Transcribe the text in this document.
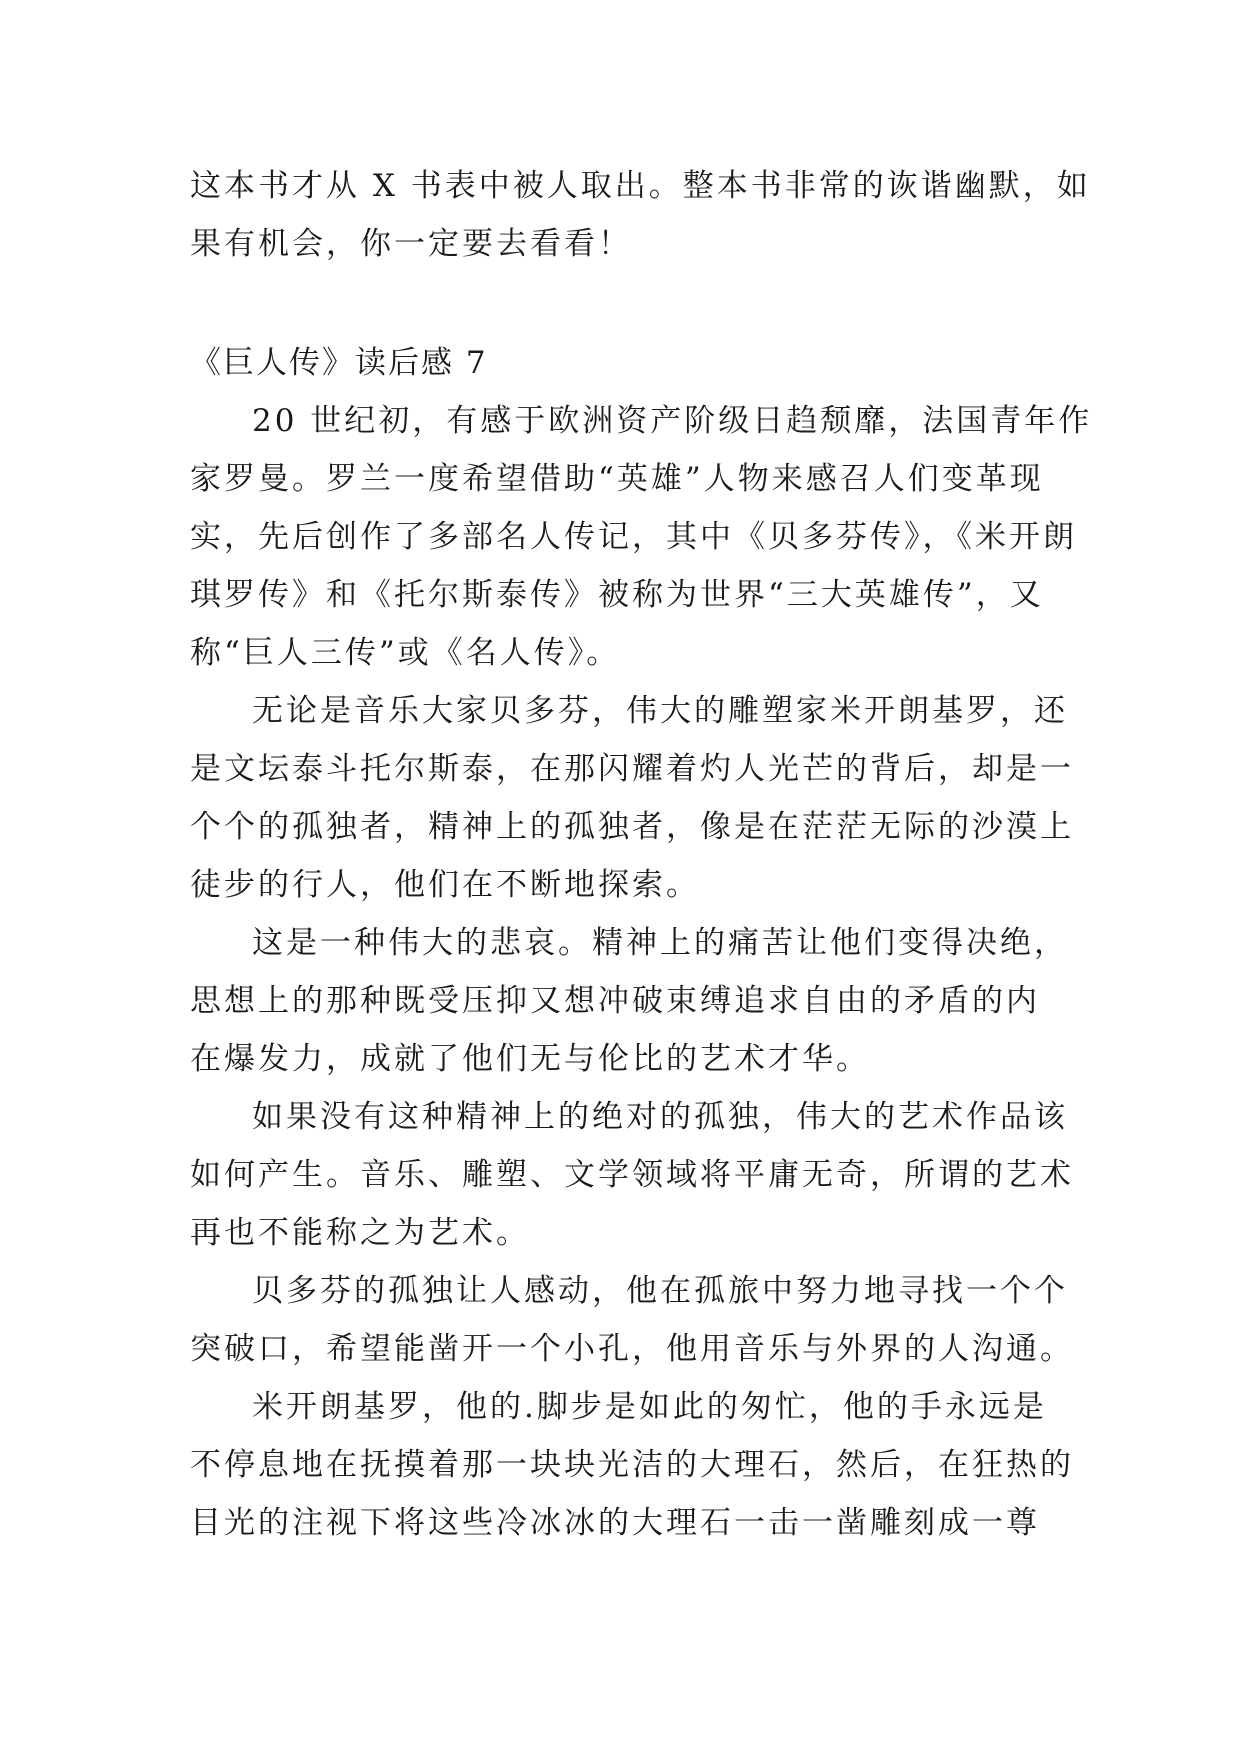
这本书才从 X 书表中被人取出。整本书非常的诙谐幽默，如
果有机会，你一定要去看看！
《巨人传》读后感 7
20 世纪初，有感于欧洲资产阶级日趋颓靡，法国青年作
家罗曼。罗兰一度希望借助“英雄”人物来感召人们变革现
实，先后创作了多部名人传记，其中《贝多芬传》，《米开朗
琪罗传》和《托尔斯泰传》被称为世界“三大英雄传”，又
称“巨人三传”或《名人传》。
无论是音乐大家贝多芬，伟大的雕塑家米开朗基罗，还
是文坛泰斗托尔斯泰，在那闪耀着灼人光芒的背后，却是一
个个的孤独者，精神上的孤独者，像是在茫茫无际的沙漠上
徒步的行人，他们在不断地探索。
这是一种伟大的悲哀。精神上的痛苦让他们变得决绝，
思想上的那种既受压抑又想冲破束缚追求自由的矛盾的内
在爆发力，成就了他们无与伦比的艺术才华。
如果没有这种精神上的绝对的孤独，伟大的艺术作品该
如何产生。音乐、雕塑、文学领域将平庸无奇，所谓的艺术
再也不能称之为艺术。
贝多芬的孤独让人感动，他在孤旅中努力地寻找一个个
突破口，希望能凿开一个小孔，他用音乐与外界的人沟通。
米开朗基罗，他的.脚步是如此的匆忙，他的手永远是
不停息地在抚摸着那一块块光洁的大理石，然后，在狂热的
目光的注视下将这些冷冰冰的大理石一击一凿雕刻成一尊
